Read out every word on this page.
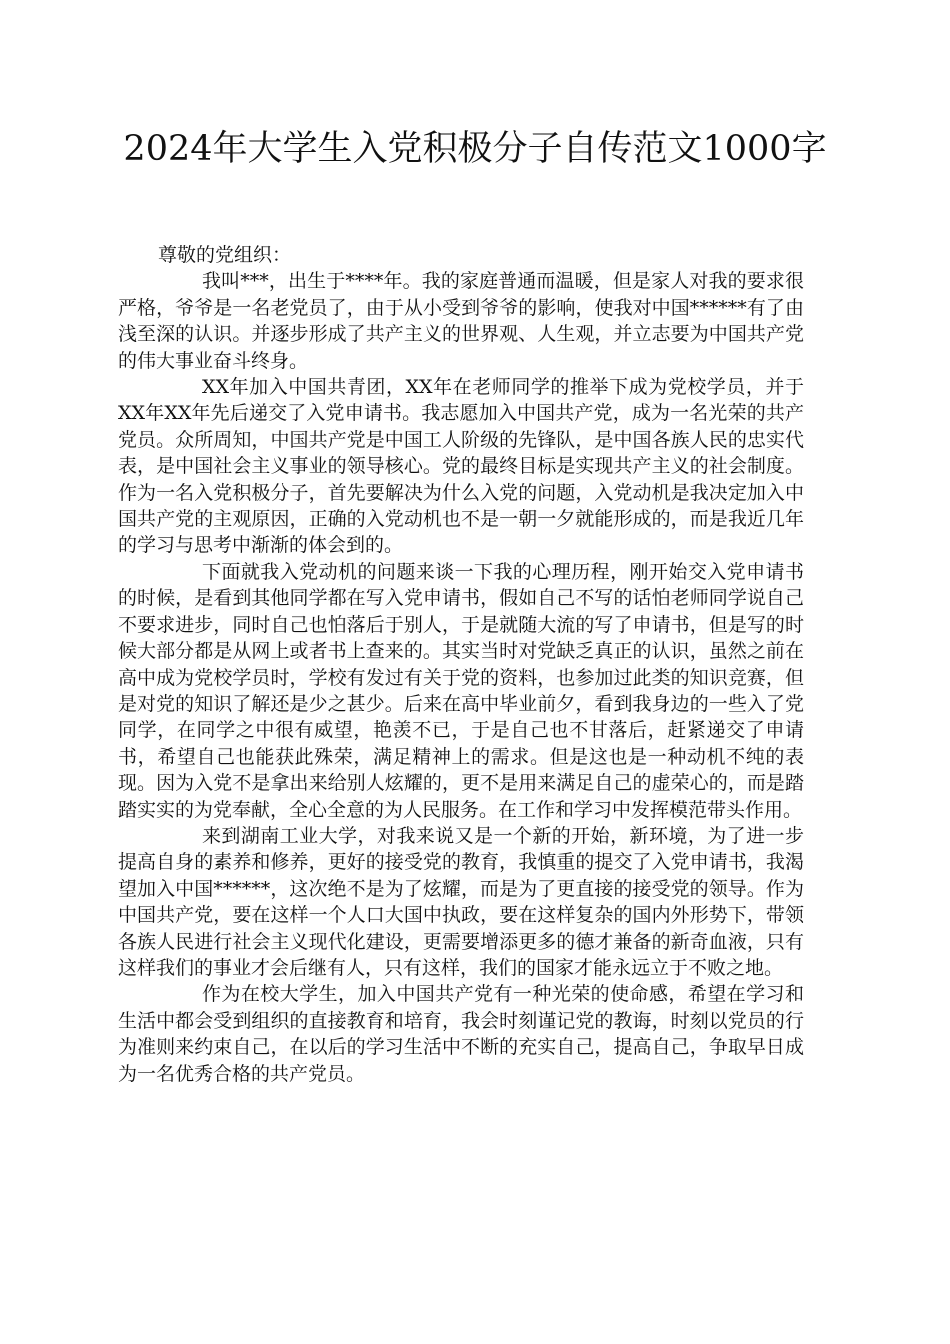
2024年大学生入党积极分子自传范文1000字

尊敬的党组织：

我叫***，出生于****年。我的家庭普通而温暖，但是家人对我的要求很严格，爷爷是一名老党员了，由于从小受到爷爷的影响，使我对中国******有了由浅至深的认识。并逐步形成了共产主义的世界观、人生观，并立志要为中国共产党的伟大事业奋斗终身。

XX年加入中国共青团，XX年在老师同学的推举下成为党校学员，并于XX年XX年先后递交了入党申请书。我志愿加入中国共产党，成为一名光荣的共产党员。众所周知，中国共产党是中国工人阶级的先锋队，是中国各族人民的忠实代表，是中国社会主义事业的领导核心。党的最终目标是实现共产主义的社会制度。作为一名入党积极分子，首先要解决为什么入党的问题，入党动机是我决定加入中国共产党的主观原因，正确的入党动机也不是一朝一夕就能形成的，而是我近几年的学习与思考中渐渐的体会到的。

下面就我入党动机的问题来谈一下我的心理历程，刚开始交入党申请书的时候，是看到其他同学都在写入党申请书，假如自己不写的话怕老师同学说自己不要求进步，同时自己也怕落后于别人，于是就随大流的写了申请书，但是写的时候大部分都是从网上或者书上查来的。其实当时对党缺乏真正的认识，虽然之前在高中成为党校学员时，学校有发过有关于党的资料，也参加过此类的知识竞赛，但是对党的知识了解还是少之甚少。后来在高中毕业前夕，看到我身边的一些入了党同学，在同学之中很有威望，艳羡不已，于是自己也不甘落后，赶紧递交了申请书，希望自己也能获此殊荣，满足精神上的需求。但是这也是一种动机不纯的表现。因为入党不是拿出来给别人炫耀的，更不是用来满足自己的虚荣心的，而是踏踏实实的为党奉献，全心全意的为人民服务。在工作和学习中发挥模范带头作用。

来到湖南工业大学，对我来说又是一个新的开始，新环境，为了进一步提高自身的素养和修养，更好的接受党的教育，我慎重的提交了入党申请书，我渴望加入中国******，这次绝不是为了炫耀，而是为了更直接的接受党的领导。作为中国共产党，要在这样一个人口大国中执政，要在这样复杂的国内外形势下，带领各族人民进行社会主义现代化建设，更需要增添更多的德才兼备的新奇血液，只有这样我们的事业才会后继有人，只有这样，我们的国家才能永远立于不败之地。

作为在校大学生，加入中国共产党有一种光荣的使命感，希望在学习和生活中都会受到组织的直接教育和培育，我会时刻谨记党的教诲，时刻以党员的行为准则来约束自己，在以后的学习生活中不断的充实自己，提高自己，争取早日成为一名优秀合格的共产党员。
